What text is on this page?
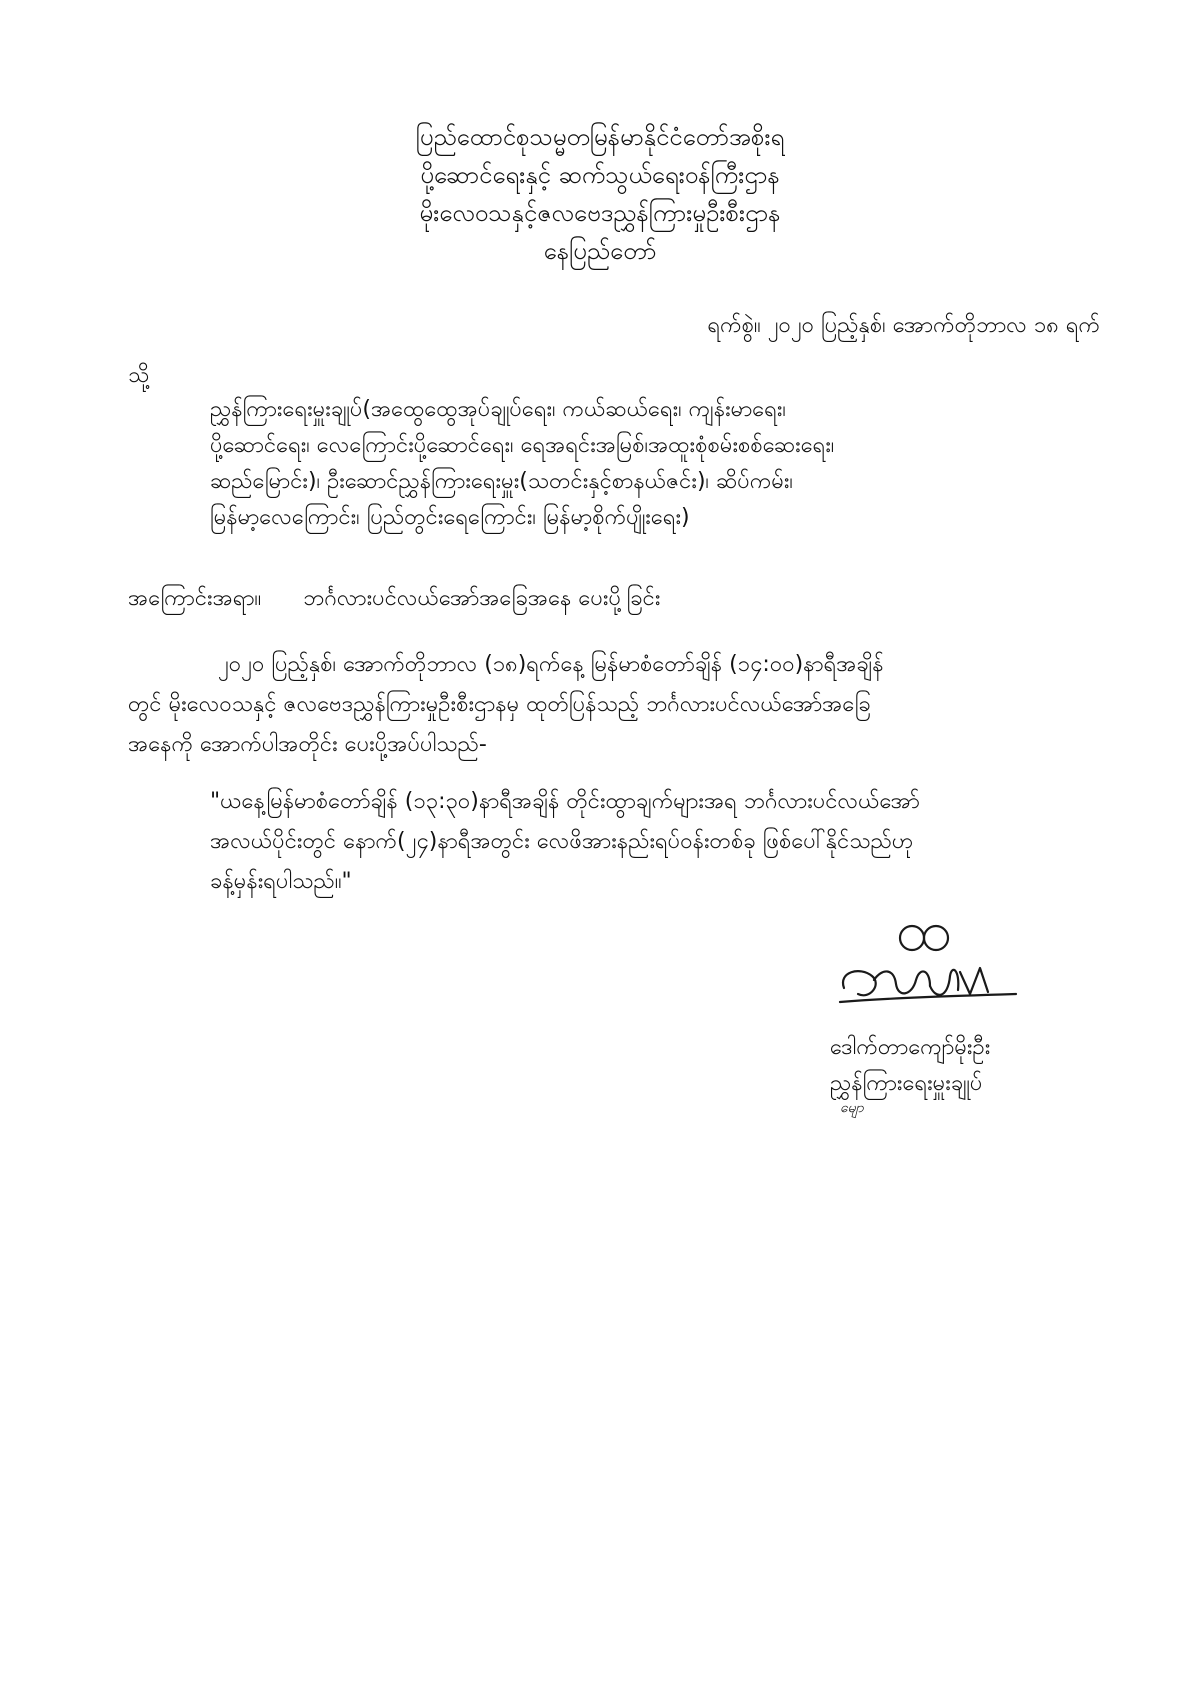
ပြည်ထောင်စုသမ္မတမြန်မာနိုင်ငံတော်အစိုးရ
ပို့ဆောင်ရေးနှင့် ဆက်သွယ်ရေးဝန်ကြီးဌာန
မိုးလေဝသနှင့်ဇလဗေဒညွှန်ကြားမှုဦးစီးဌာန
နေပြည်တော်
ရက်စွဲ။ ၂၀၂၀ ပြည့်နှစ်၊ အောက်တိုဘာလ ၁၈ ရက်
သို့
ညွှန်ကြားရေးမှူးချုပ်(အထွေထွေအုပ်ချုပ်ရေး၊ ကယ်ဆယ်ရေး၊ ကျန်းမာရေး၊
ပို့ဆောင်ရေး၊ လေကြောင်းပို့ဆောင်ရေး၊ ရေအရင်းအမြစ်၊အထူးစုံစမ်းစစ်ဆေးရေး၊
ဆည်မြောင်း)၊ ဦးဆောင်ညွှန်ကြားရေးမှူး(သတင်းနှင့်စာနယ်ဇင်း)၊ ဆိပ်ကမ်း၊
မြန်မာ့လေကြောင်း၊ ပြည်တွင်းရေကြောင်း၊ မြန်မာ့စိုက်ပျိုးရေး)
အကြောင်းအရာ။ ဘင်္ဂလားပင်လယ်အော်အခြေအနေ ပေးပို့ခြင်း
၂၀၂၀ ပြည့်နှစ်၊ အောက်တိုဘာလ (၁၈)ရက်နေ့ မြန်မာစံတော်ချိန် (၁၄:၀၀)နာရီအချိန်
တွင် မိုးလေဝသနှင့် ဇလဗေဒညွှန်ကြားမှုဦးစီးဌာနမှ ထုတ်ပြန်သည့် ဘင်္ဂလားပင်လယ်အော်အခြေ
အနေကို အောက်ပါအတိုင်း ပေးပို့အပ်ပါသည်-
"ယနေ့မြန်မာစံတော်ချိန် (၁၃:၃၀)နာရီအချိန် တိုင်းထွာချက်များအရ ဘင်္ဂလားပင်လယ်အော်
အလယ်ပိုင်းတွင် နောက်(၂၄)နာရီအတွင်း လေဖိအားနည်းရပ်ဝန်းတစ်ခု ဖြစ်ပေါ်နိုင်သည်ဟု
ခန့်မှန်းရပါသည်။"
ဒေါက်တာကျော်မိုးဦး
ညွှန်ကြားရေးမှူးချုပ်
မျော
